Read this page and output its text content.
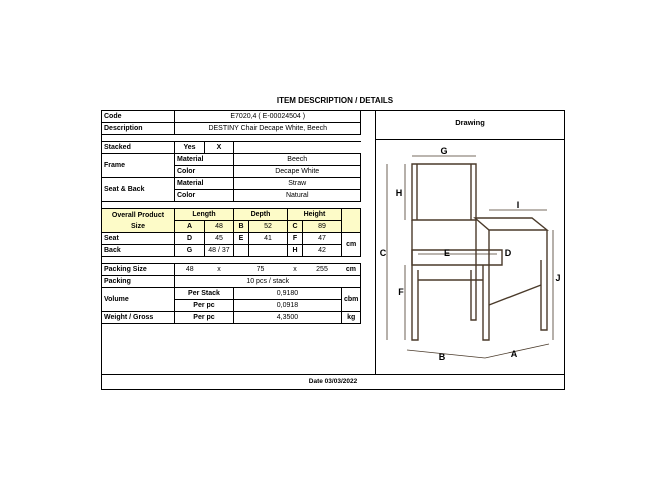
ITEM DESCRIPTION / DETAILS
Code	E7020,4 ( E-00024504 )						
Description	DESTINY Chair Decape White, Beech						

Stacked	Yes	X					
Frame	Material		Beech				
	Color		Decape White				
Seat & Back	Material		Straw				
	Color		Natural				

Overall Product Size	Length		Depth		Height		
	A	48	B	52	C	89	
Seat	D	45	E	41	F	47	cm
Back	G	48 / 37			H	42	

Packing Size	48	x	75		x	255	cm
Packing	10 pcs / stack						
Volume	Per Stack		0,9180				cbm
	Per pc		0,0918				
Weight / Gross	Per pc		4,3500				kg
Drawing
G
H
I
C	E	D
J
F
B	A
Date 03/03/2022
